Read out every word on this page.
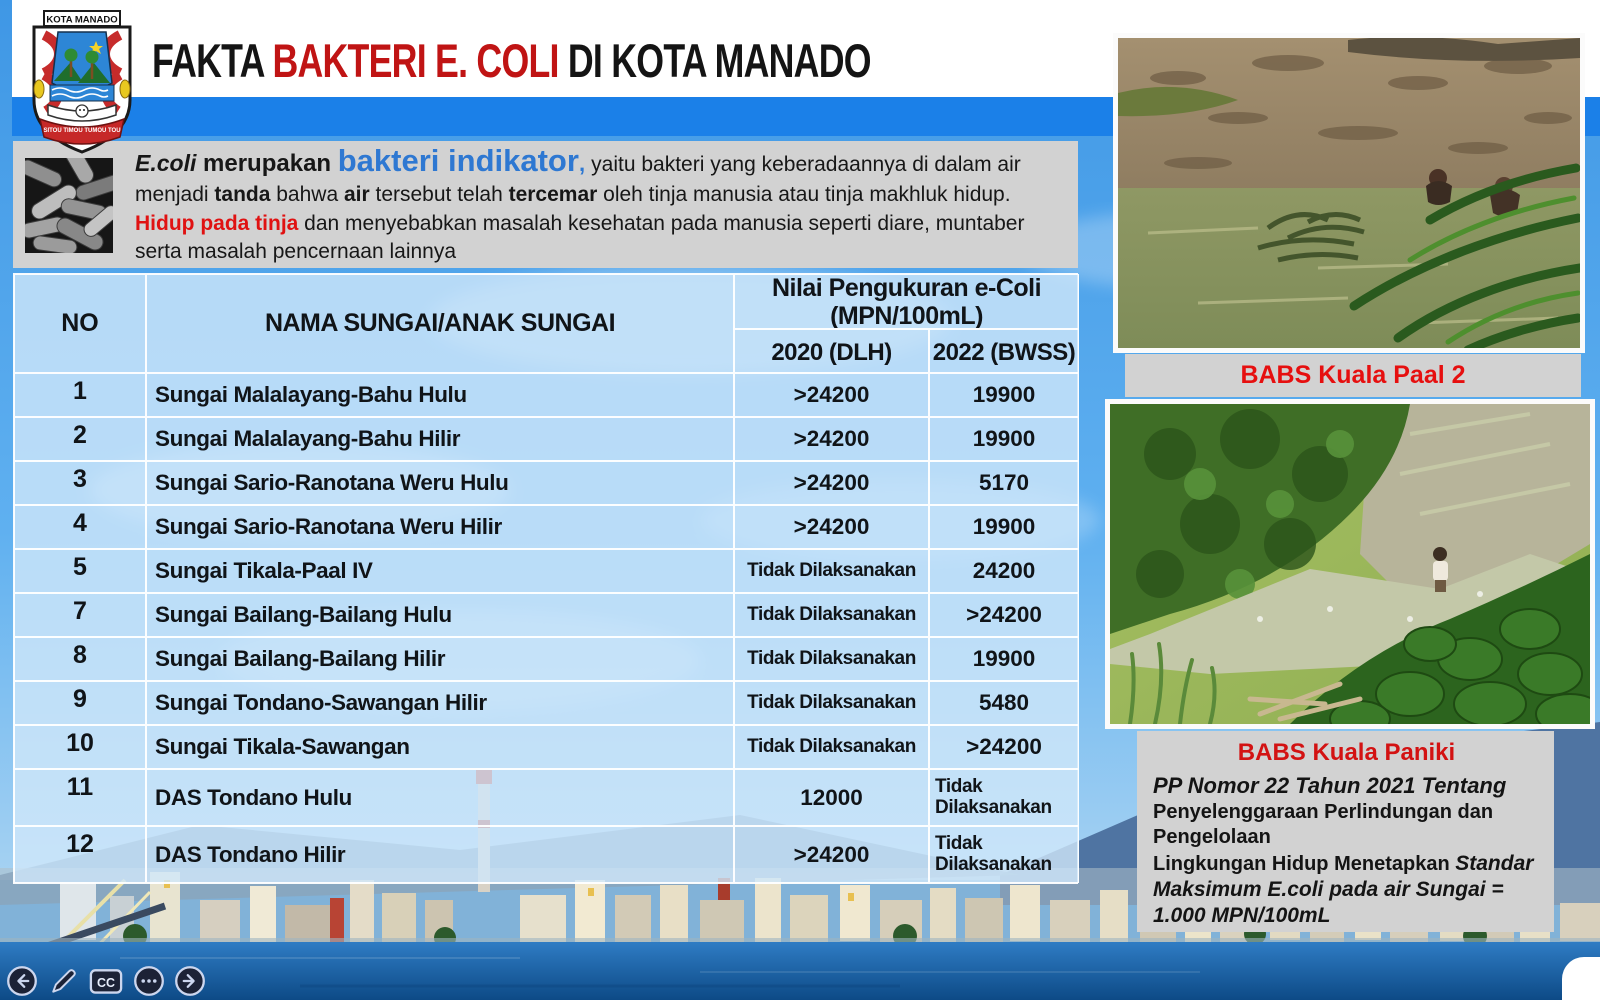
FAKTA BAKTERI E. COLI DI KOTA MANADO
SITOU TIMOU TUMOU TOU
KOTA MANADO

E.coli merupakan bakteri indikator, yaitu bakteri yang keberadaannya di dalam air menjadi tanda bahwa air tersebut telah tercemar oleh tinja manusia atau tinja makhluk hidup. Hidup pada tinja dan menyebabkan masalah kesehatan pada manusia seperti diare, muntaber serta masalah pencernaan lainnya

NO	NAMA SUNGAI/ANAK SUNGAI
Nilai Pengukuran e-Coli (MPN/100mL)
2020 (DLH)	2022 (BWSS)
1	Sungai Malalayang-Bahu Hulu	>24200	19900
2	Sungai Malalayang-Bahu Hilir	>24200	19900
3	Sungai Sario-Ranotana Weru Hulu	>24200	5170
4	Sungai Sario-Ranotana Weru Hilir	>24200	19900
5	Sungai Tikala-Paal IV	Tidak Dilaksanakan	24200
7	Sungai Bailang-Bailang Hulu	Tidak Dilaksanakan	>24200
8	Sungai Bailang-Bailang Hilir	Tidak Dilaksanakan	19900
9	Sungai Tondano-Sawangan Hilir	Tidak Dilaksanakan	5480
10	Sungai Tikala-Sawangan	Tidak Dilaksanakan	>24200
11	DAS Tondano Hulu	12000	Tidak Dilaksanakan
12	DAS Tondano Hilir	>24200	Tidak Dilaksanakan
BABS Kuala Paal 2
BABS Kuala Paniki

PP Nomor 22 Tahun 2021 Tentang
Penyelenggaraan Perlindungan dan Pengelolaan
Lingkungan Hidup Menetapkan Standar Maksimum E.coli pada air Sungai = 1.000 MPN/100mL

CC
